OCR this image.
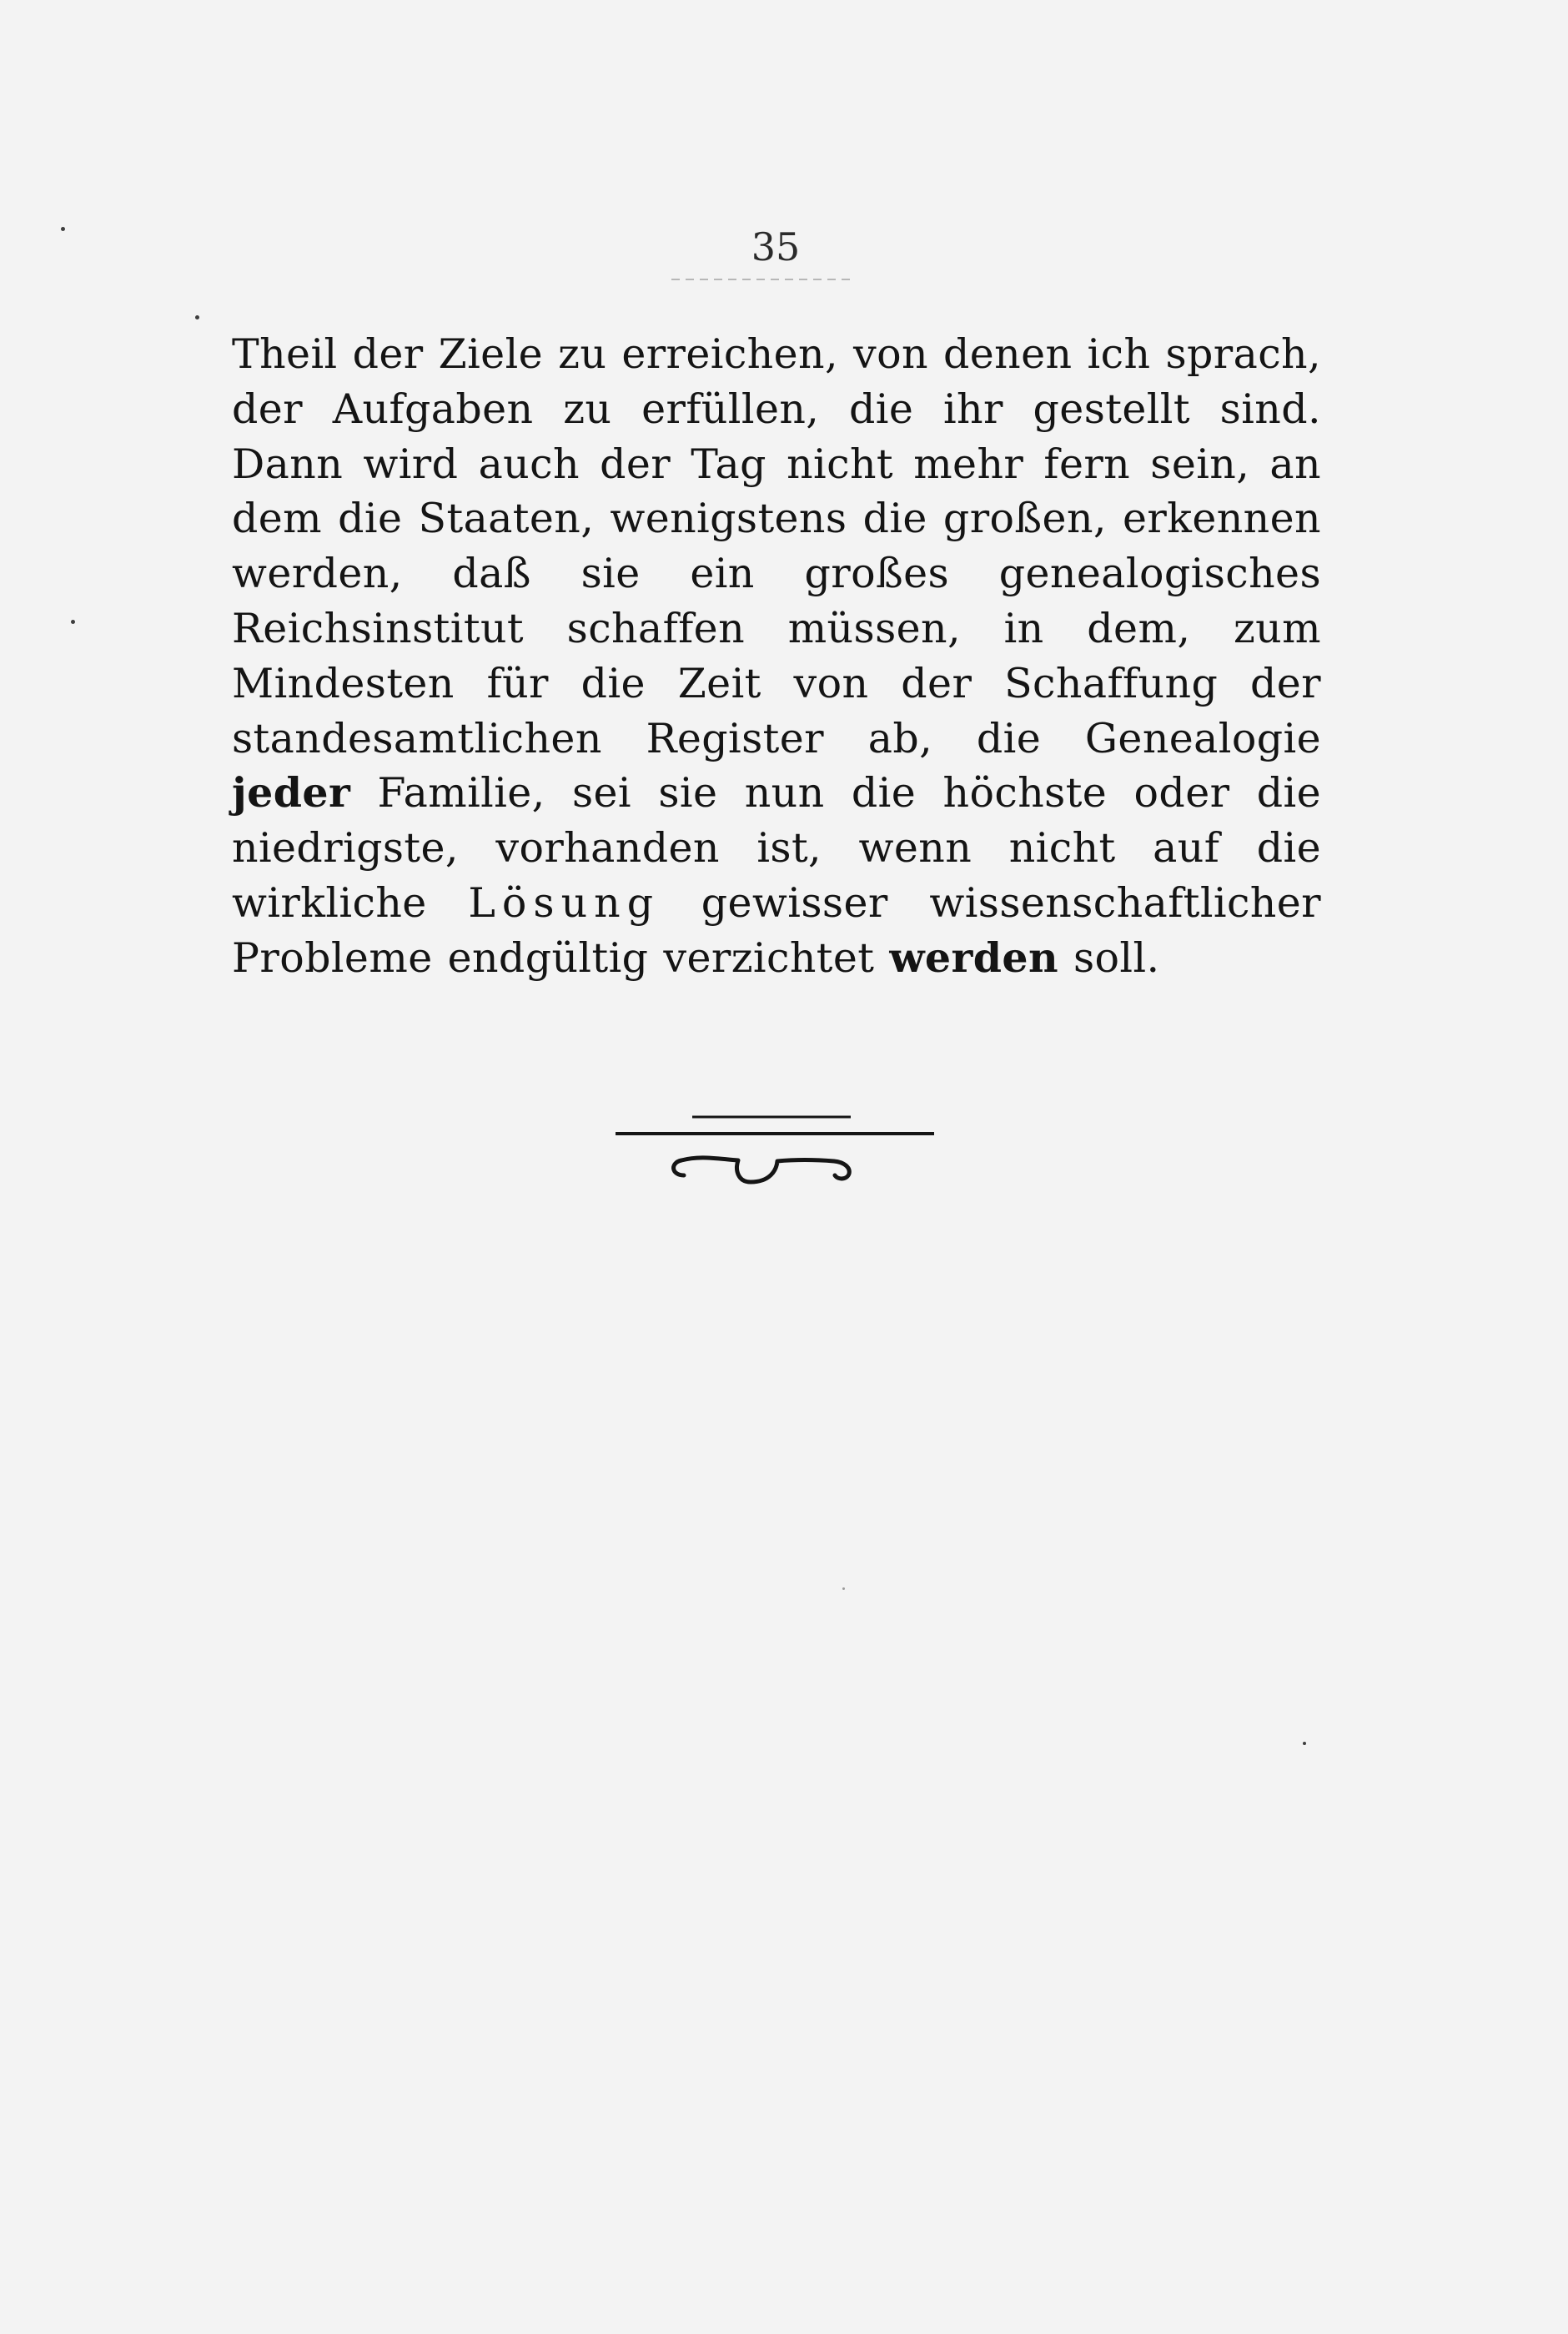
35

Theil der Ziele zu erreichen, von denen ich sprach, der Aufgaben zu erfüllen, die ihr gestellt sind. Dann wird auch der Tag nicht mehr fern sein, an dem die Staaten, wenigstens die großen, erkennen werden, daß sie ein großes genealogisches Reichsinstitut schaffen müssen, in dem, zum Mindesten für die Zeit von der Schaffung der standesamtlichen Register ab, die Genealogie jeder Familie, sei sie nun die höchste oder die niedrigste, vorhanden ist, wenn nicht auf die wirkliche Lösung gewisser wissenschaftlicher Probleme endgültig verzichtet werden soll.
